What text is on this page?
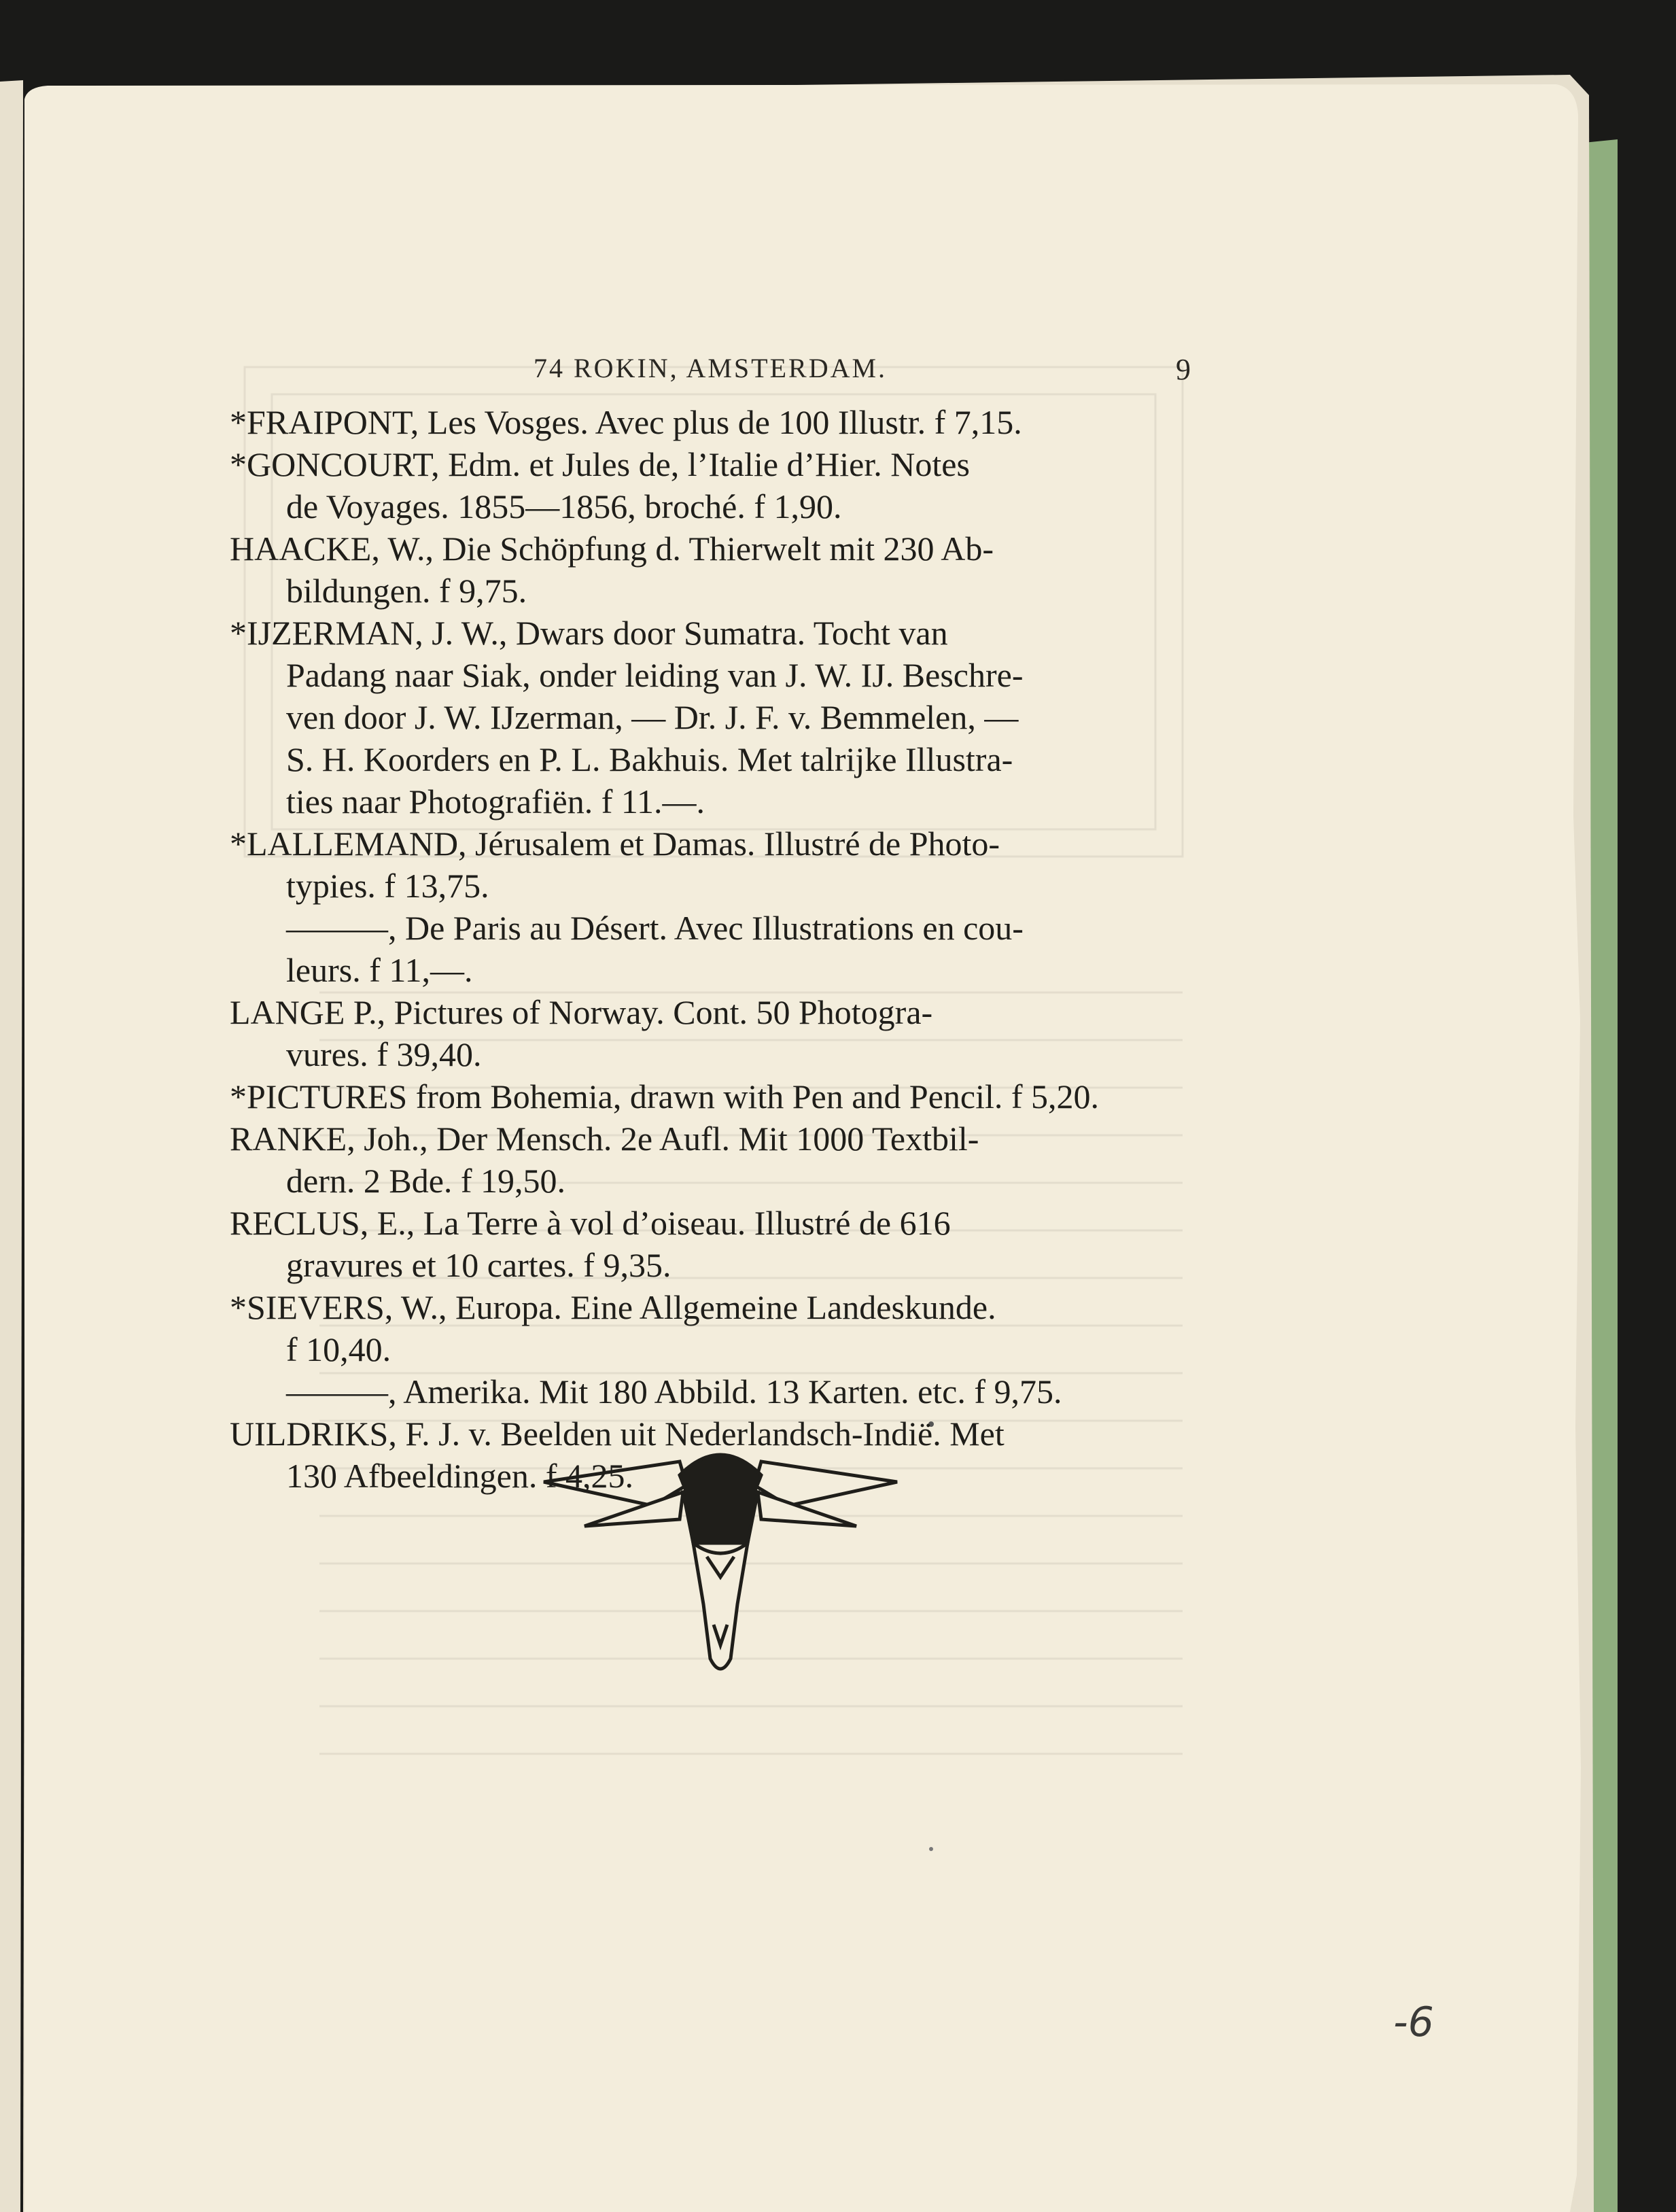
74 ROKIN, AMSTERDAM.	9
*FRAIPONT, Les Vosges. Avec plus de 100 Illustr. f 7,15.
*GONCOURT, Edm. et Jules de, l’Italie d’Hier. Notes
de Voyages. 1855—1856, broché. f 1,90.
HAACKE, W., Die Schöpfung d. Thierwelt mit 230 Ab-
bildungen. f 9,75.
*IJZERMAN, J. W., Dwars door Sumatra. Tocht van
Padang naar Siak, onder leiding van J. W. IJ. Beschre-
ven door J. W. IJzerman, — Dr. J. F. v. Bemmelen, —
S. H. Koorders en P. L. Bakhuis. Met talrijke Illustra-
ties naar Photografiën. f 11.—.
*LALLEMAND, Jérusalem et Damas. Illustré de Photo-
typies. f 13,75.
———, De Paris au Désert. Avec Illustrations en cou-
leurs. f 11,—.
LANGE P., Pictures of Norway. Cont. 50 Photogra-
vures. f 39,40.
*PICTURES from Bohemia, drawn with Pen and Pencil. f 5,20.
RANKE, Joh., Der Mensch. 2e Aufl. Mit 1000 Textbil-
dern. 2 Bde. f 19,50.
RECLUS, E., La Terre à vol d’oiseau. Illustré de 616
gravures et 10 cartes. f 9,35.
*SIEVERS, W., Europa. Eine Allgemeine Landeskunde.
f 10,40.
———, Amerika. Mit 180 Abbild. 13 Karten. etc. f 9,75.
UILDRIKS, F. J. v. Beelden uit Nederlandsch-Indië. Met
130 Afbeeldingen. f 4,25.
-6
